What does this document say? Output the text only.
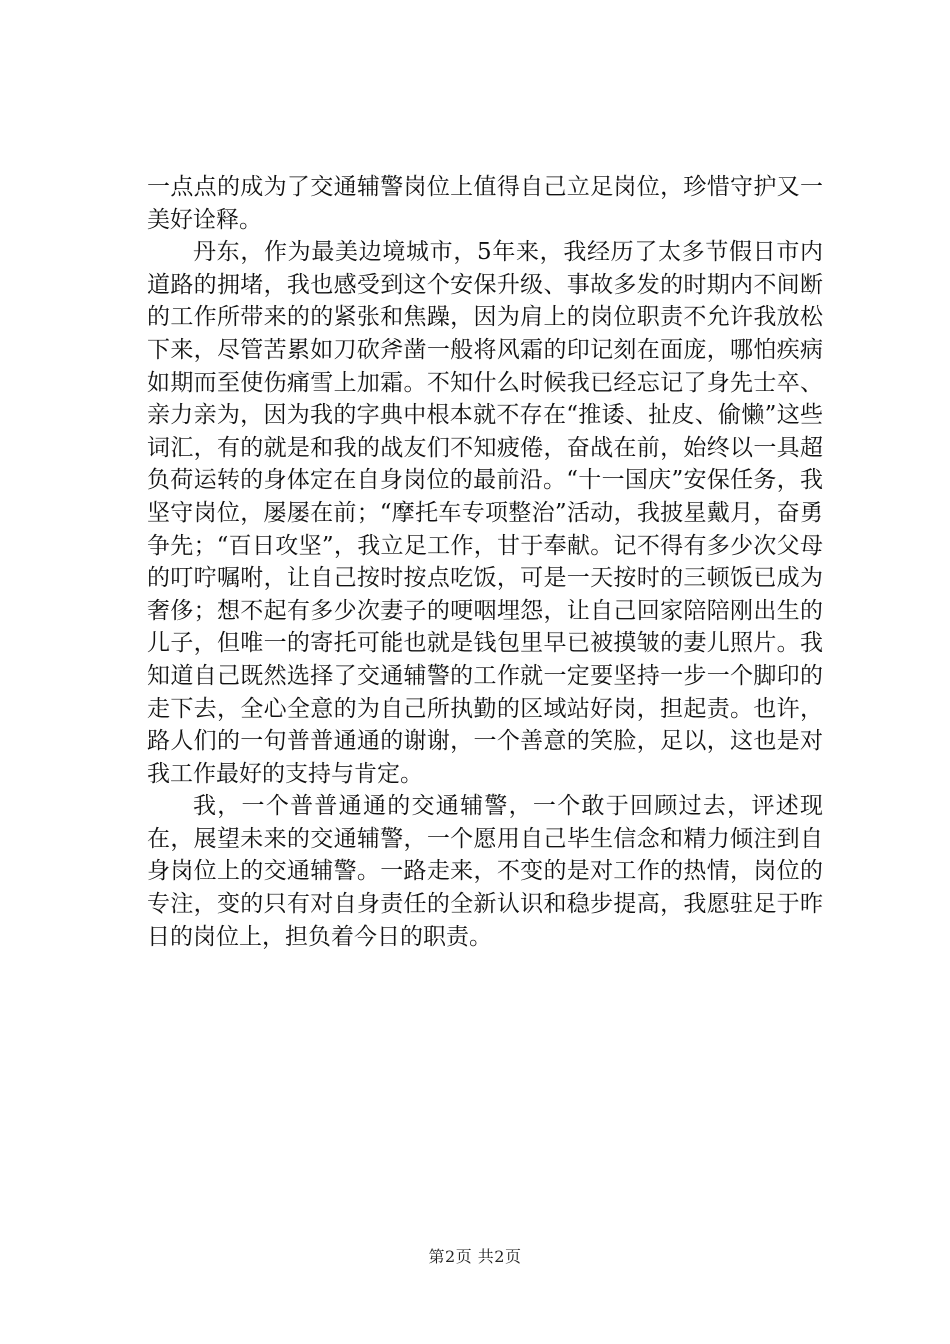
一点点的成为了交通辅警岗位上值得自己立足岗位，珍惜守护又一美好诠释。

丹东，作为最美边境城市，5年来，我经历了太多节假日市内道路的拥堵，我也感受到这个安保升级、事故多发的时期内不间断的工作所带来的的紧张和焦躁，因为肩上的岗位职责不允许我放松下来，尽管苦累如刀砍斧凿一般将风霜的印记刻在面庞，哪怕疾病如期而至使伤痛雪上加霜。不知什么时候我已经忘记了身先士卒、亲力亲为，因为我的字典中根本就不存在“推诿、扯皮、偷懒”这些词汇，有的就是和我的战友们不知疲倦，奋战在前，始终以一具超负荷运转的身体定在自身岗位的最前沿。“十一国庆”安保任务，我坚守岗位，屡屡在前；“摩托车专项整治”活动，我披星戴月，奋勇争先；“百日攻坚”，我立足工作，甘于奉献。记不得有多少次父母的叮咛嘱咐，让自己按时按点吃饭，可是一天按时的三顿饭已成为奢侈；想不起有多少次妻子的哽咽埋怨，让自己回家陪陪刚出生的儿子，但唯一的寄托可能也就是钱包里早已被摸皱的妻儿照片。我知道自己既然选择了交通辅警的工作就一定要坚持一步一个脚印的走下去，全心全意的为自己所执勤的区域站好岗，担起责。也许，路人们的一句普普通通的谢谢，一个善意的笑脸，足以，这也是对我工作最好的支持与肯定。

我，一个普普通通的交通辅警，一个敢于回顾过去，评述现在，展望未来的交通辅警，一个愿用自己毕生信念和精力倾注到自身岗位上的交通辅警。一路走来，不变的是对工作的热情，岗位的专注，变的只有对自身责任的全新认识和稳步提高，我愿驻足于昨日的岗位上，担负着今日的职责。

第2页 共2页
